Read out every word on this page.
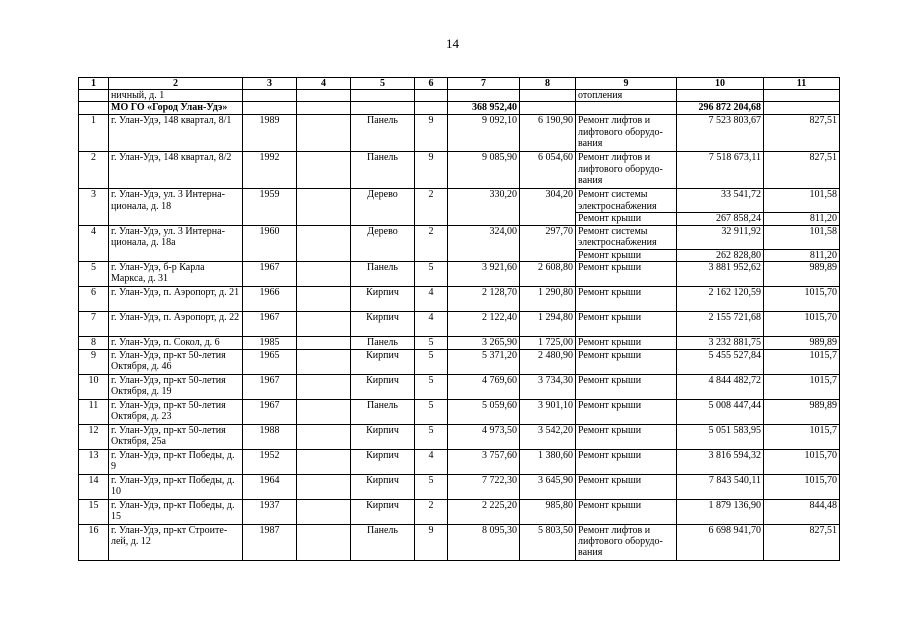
14
1	2	3	4	5	6	7	8	9	10	11
	ничный, д. 1							отопления		
	МО ГО «Город Улан-Удэ»					368 952,40			296 872 204,68	
1	г. Улан-Удэ, 148 квартал, 8/1	1989		Панель	9	9 092,10	6 190,90	Ремонт лифтов и лифтового оборудо-вания	7 523 803,67	827,51
2	г. Улан-Удэ, 148 квартал, 8/2	1992		Панель	9	9 085,90	6 054,60	Ремонт лифтов и лифтового оборудо-вания	7 518 673,11	827,51
3	г. Улан-Удэ, ул. 3 Интерна-ционала, д. 18	1959		Дерево	2	330,20	304,20	Ремонт системы электроснабжения	33 541,72	101,58
								Ремонт крыши	267 858,24	811,20
4	г. Улан-Удэ, ул. 3 Интерна-ционала, д. 18а	1960		Дерево	2	324,00	297,70	Ремонт системы электроснабжения	32 911,92	101,58
								Ремонт крыши	262 828,80	811,20
5	г. Улан-Удэ, б-р Карла Маркса, д. 31	1967		Панель	5	3 921,60	2 608,80	Ремонт крыши	3 881 952,62	989,89
6	г. Улан-Удэ, п. Аэропорт, д. 21	1966		Кирпич	4	2 128,70	1 290,80	Ремонт крыши	2 162 120,59	1015,70
7	г. Улан-Удэ, п. Аэропорт, д. 22	1967		Кирпич	4	2 122,40	1 294,80	Ремонт крыши	2 155 721,68	1015,70
8	г. Улан-Удэ, п. Сокол, д. 6	1985		Панель	5	3 265,90	1 725,00	Ремонт крыши	3 232 881,75	989,89
9	г. Улан-Удэ, пр-кт 50-летия Октября, д. 46	1965		Кирпич	5	5 371,20	2 480,90	Ремонт крыши	5 455 527,84	1015,7
10	г. Улан-Удэ, пр-кт 50-летия Октября, д. 19	1967		Кирпич	5	4 769,60	3 734,30	Ремонт крыши	4 844 482,72	1015,7
11	г. Улан-Удэ, пр-кт 50-летия Октября, д. 23	1967		Панель	5	5 059,60	3 901,10	Ремонт крыши	5 008 447,44	989,89
12	г. Улан-Удэ, пр-кт 50-летия Октября, 25а	1988		Кирпич	5	4 973,50	3 542,20	Ремонт крыши	5 051 583,95	1015,7
13	г. Улан-Удэ, пр-кт Победы, д. 9	1952		Кирпич	4	3 757,60	1 380,60	Ремонт крыши	3 816 594,32	1015,70
14	г. Улан-Удэ, пр-кт Победы, д. 10	1964		Кирпич	5	7 722,30	3 645,90	Ремонт крыши	7 843 540,11	1015,70
15	г. Улан-Удэ, пр-кт Победы, д. 15	1937		Кирпич	2	2 225,20	985,80	Ремонт крыши	1 879 136,90	844,48
16	г. Улан-Удэ, пр-кт Строите-лей, д. 12	1987		Панель	9	8 095,30	5 803,50	Ремонт лифтов и лифтового оборудо-вания	6 698 941,70	827,51
